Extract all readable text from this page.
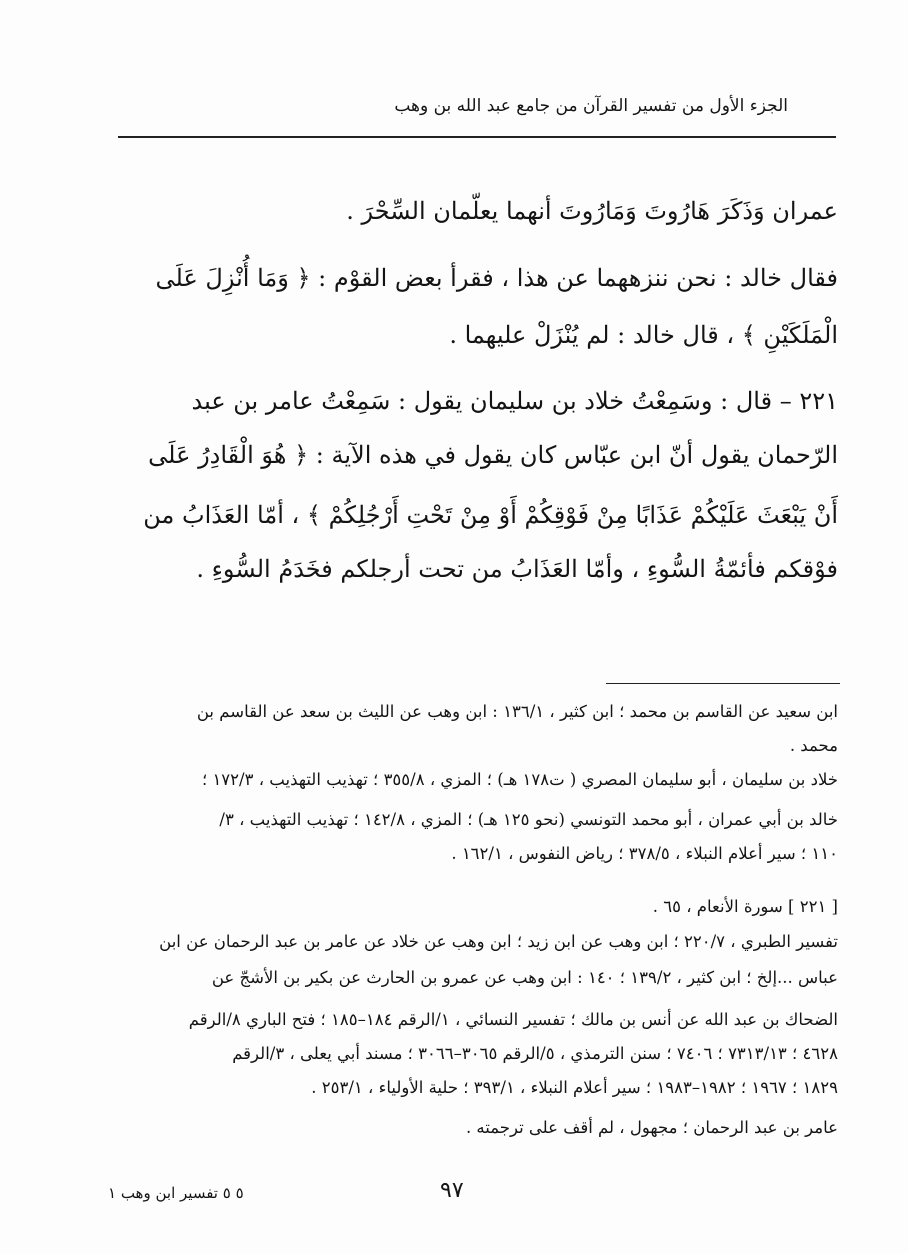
الجزء الأول من تفسير القرآن من جامع عبد الله بن وهب
عمران وَذَكَرَ هَارُوتَ وَمَارُوتَ أنهما يعلّمان السِّحْرَ .
فقال خالد : نحن ننزههما عن هذا ، فقرأ بعض القوْم : ﴿ وَمَا أُنْزِلَ عَلَى
الْمَلَكَيْنِ ﴾ ، قال خالد : لم يُنْزَلْ عليهما .
٢٢١ – قال : وسَمِعْتُ خلاد بن سليمان يقول : سَمِعْتُ عامر بن عبد
الرّحمان يقول أنّ ابن عبّاس كان يقول في هذه الآية : ﴿ هُوَ الْقَادِرُ عَلَى
أَنْ يَبْعَثَ عَلَيْكُمْ عَذَابًا مِنْ فَوْقِكُمْ أَوْ مِنْ تَحْتِ أَرْجُلِكُمْ ﴾ ، أمّا العَذَابُ من
فوْقكم فأئمّةُ السُّوءِ ، وأمّا العَذَابُ من تحت أرجلكم فخَدَمُ السُّوءِ .
ابن سعيد عن القاسم بن محمد ؛ ابن كثير ، ١٣٦/١ : ابن وهب عن الليث بن سعد عن القاسم بن
محمد .
خلاد بن سليمان ، أبو سليمان المصري ( ت١٧٨ هـ) ؛ المزي ، ٣٥٥/٨ ؛ تهذيب التهذيب ، ١٧٢/٣ ؛
خالد بن أبي عمران ، أبو محمد التونسي (نحو ١٢٥ هـ) ؛ المزي ، ١٤٢/٨ ؛ تهذيب التهذيب ، ٣/
١١٠ ؛ سير أعلام النبلاء ، ٣٧٨/٥ ؛ رياض النفوس ، ١٦٢/١ .
[ ٢٢١ ] سورة الأنعام ، ٦٥ .
تفسير الطبري ، ٢٢٠/٧ ؛ ابن وهب عن ابن زيد ؛ ابن وهب عن خلاد عن عامر بن عبد الرحمان عن ابن
عباس ...إلخ ؛ ابن كثير ، ١٣٩/٢ ؛ ١٤٠ : ابن وهب عن عمرو بن الحارث عن بكير بن الأشجّ عن
الضحاك بن عبد الله عن أنس بن مالك ؛ تفسير النسائي ، ١/الرقم ١٨٤–١٨٥ ؛ فتح الباري ٨/الرقم
٤٦٢٨ ؛ ٧٣١٣/١٣ ؛ ٧٤٠٦ ؛ سنن الترمذي ، ٥/الرقم ٣٠٦٥–٣٠٦٦ ؛ مسند أبي يعلى ، ٣/الرقم
١٨٢٩ ؛ ١٩٦٧ ؛ ١٩٨٢–١٩٨٣ ؛ سير أعلام النبلاء ، ٣٩٣/١ ؛ حلية الأولياء ، ٢٥٣/١ .
عامر بن عبد الرحمان ؛ مجهول ، لم أقف على ترجمته .
٥ ٥ تفسير ابن وهب ١	٩٧
